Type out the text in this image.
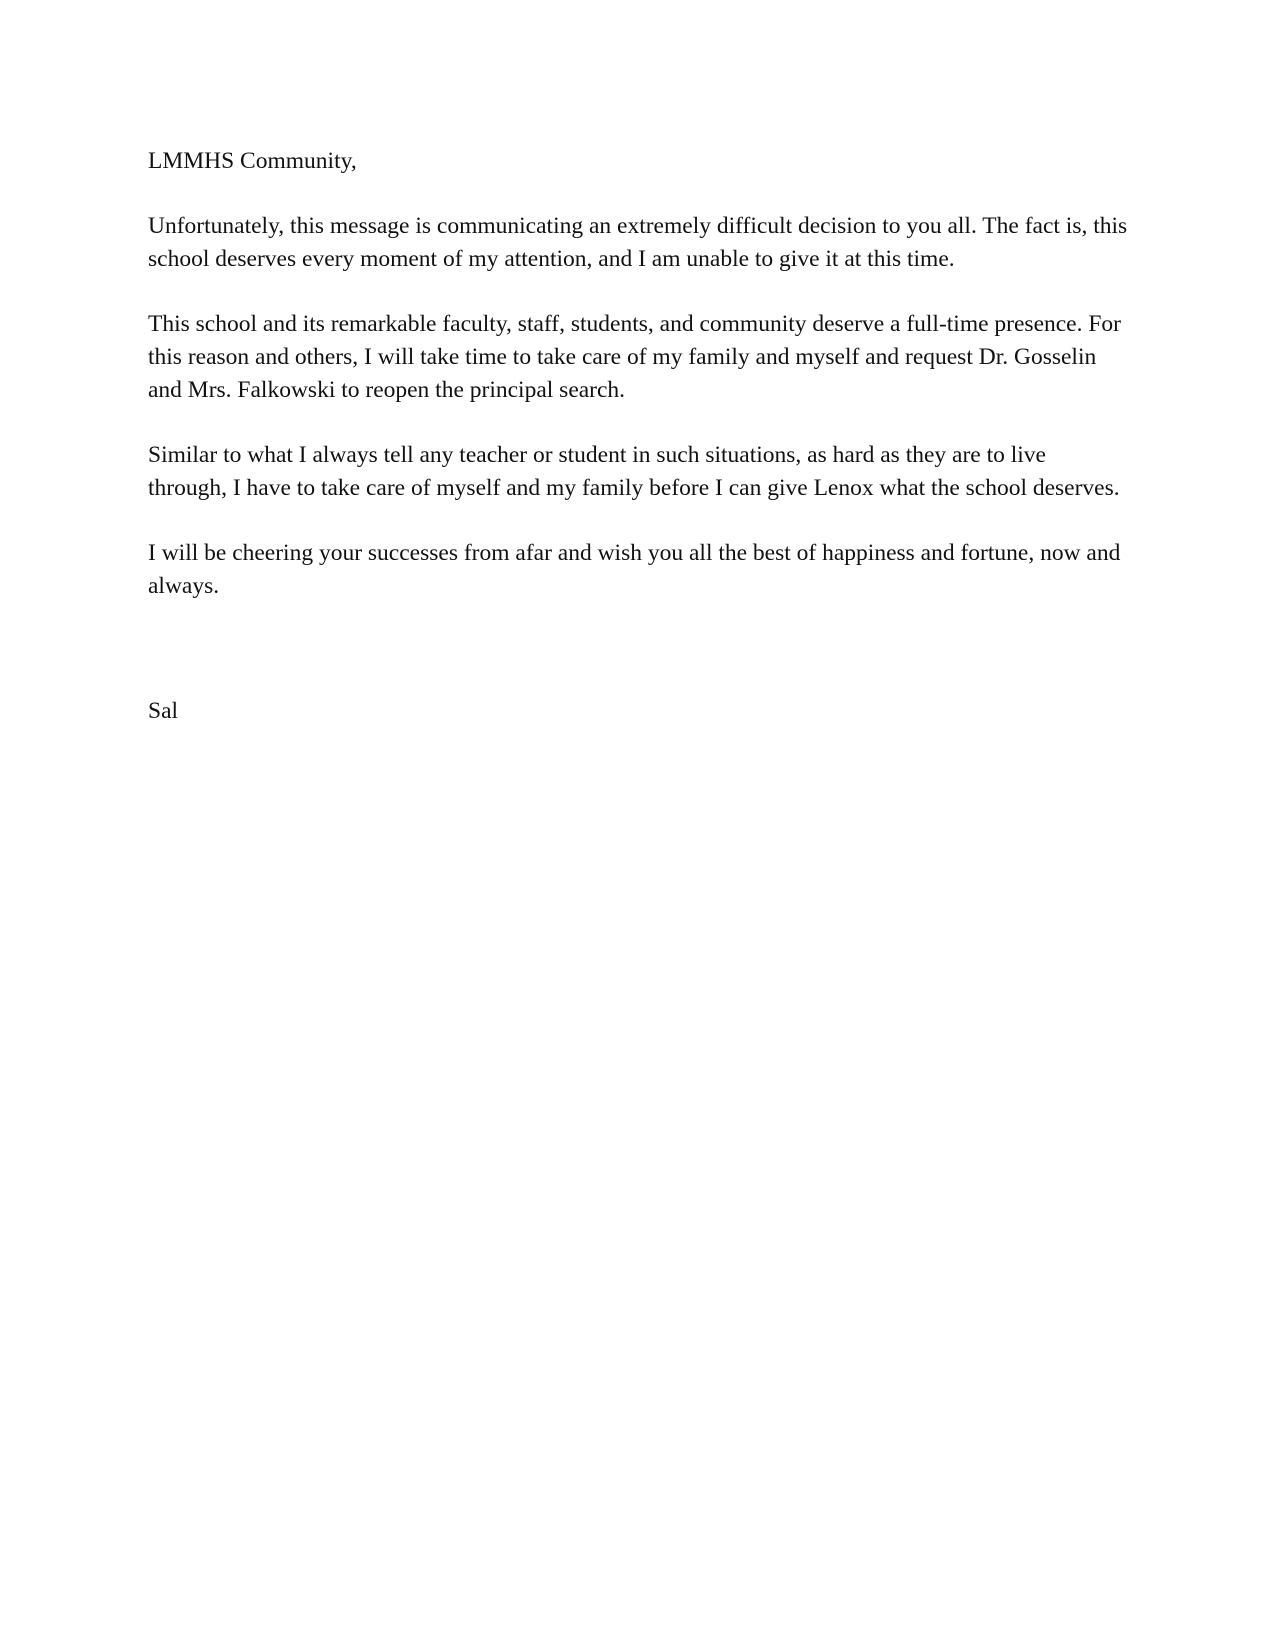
LMMHS Community,

Unfortunately, this message is communicating an extremely difficult decision to you all. The fact is, this school deserves every moment of my attention, and I am unable to give it at this time.

This school and its remarkable faculty, staff, students, and community deserve a full-time presence. For this reason and others, I will take time to take care of my family and myself and request Dr. Gosselin and Mrs. Falkowski to reopen the principal search.

Similar to what I always tell any teacher or student in such situations, as hard as they are to live through, I have to take care of myself and my family before I can give Lenox what the school deserves.

I will be cheering your successes from afar and wish you all the best of happiness and fortune, now and always.

Sal
